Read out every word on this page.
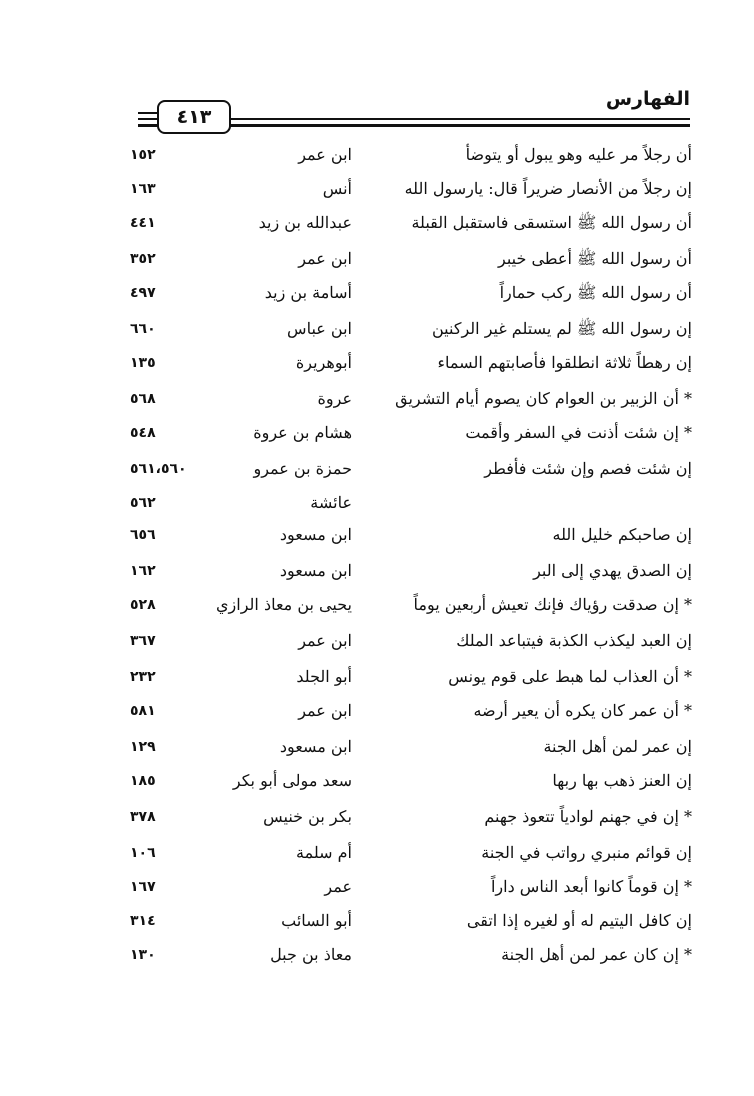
الفهارس
٤١٣
أن رجلاً مر عليه وهو يبول أو يتوضأ
ابن عمر
١٥٢
إن رجلاً من الأنصار ضريراً قال: يارسول الله
أنس
١٦٣
أن رسول الله ﷺ استسقى فاستقبل القبلة
عبدالله بن زيد
٤٤١
أن رسول الله ﷺ أعطى خيبر
ابن عمر
٣٥٢
أن رسول الله ﷺ ركب حماراً
أسامة بن زيد
٤٩٧
إن رسول الله ﷺ لم يستلم غير الركنين
ابن عباس
٦٦٠
إن رهطاً ثلاثة انطلقوا فأصابتهم السماء
أبوهريرة
١٣٥
* أن الزبير بن العوام كان يصوم أيام التشريق
عروة
٥٦٨
* إن شئت أذنت في السفر وأقمت
هشام بن عروة
٥٤٨
إن شئت فصم وإن شئت فأفطر
حمزة بن عمرو
٥٦١،٥٦٠
عائشة
٥٦٢
إن صاحبكم خليل الله
ابن مسعود
٦٥٦
إن الصدق يهدي إلى البر
ابن مسعود
١٦٢
* إن صدقت رؤياك فإنك تعيش أربعين يوماً
يحيى بن معاذ الرازي
٥٢٨
إن العبد ليكذب الكذبة فيتباعد الملك
ابن عمر
٣٦٧
* أن العذاب لما هبط على قوم يونس
أبو الجلد
٢٣٢
* أن عمر كان يكره أن يعير أرضه
ابن عمر
٥٨١
إن عمر لمن أهل الجنة
ابن مسعود
١٢٩
إن العنز ذهب بها ربها
سعد مولى أبو بكر
١٨٥
* إن في جهنم لوادياً تتعوذ جهنم
بكر بن خنيس
٣٧٨
إن قوائم منبري رواتب في الجنة
أم سلمة
١٠٦
* إن قوماً كانوا أبعد الناس داراً
عمر
١٦٧
إن كافل اليتيم له أو لغيره إذا اتقى
أبو السائب
٣١٤
* إن كان عمر لمن أهل الجنة
معاذ بن جبل
١٣٠
